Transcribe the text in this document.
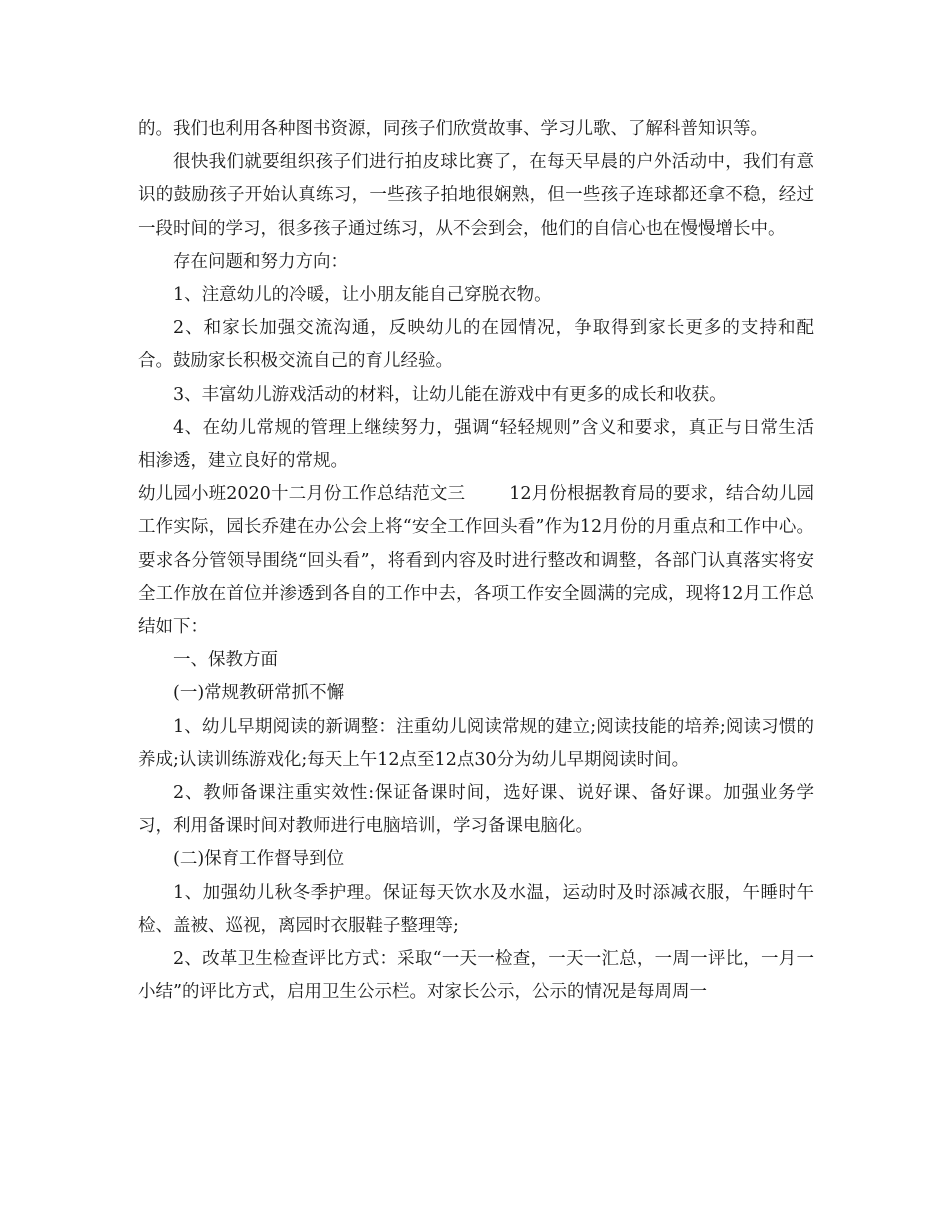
的。我们也利用各种图书资源，同孩子们欣赏故事、学习儿歌、了解科普知识等。

很快我们就要组织孩子们进行拍皮球比赛了，在每天早晨的户外活动中，我们有意识的鼓励孩子开始认真练习，一些孩子拍地很娴熟，但一些孩子连球都还拿不稳，经过一段时间的学习，很多孩子通过练习，从不会到会，他们的自信心也在慢慢增长中。

存在问题和努力方向：

1、注意幼儿的冷暖，让小朋友能自己穿脱衣物。

2、和家长加强交流沟通，反映幼儿的在园情况，争取得到家长更多的支持和配合。鼓励家长积极交流自己的育儿经验。

3、丰富幼儿游戏活动的材料，让幼儿能在游戏中有更多的成长和收获。

4、在幼儿常规的管理上继续努力，强调“轻轻规则”含义和要求，真正与日常生活相渗透，建立良好的常规。

幼儿园小班2020十二月份工作总结范文三	12月份根据教育局的要求，结合幼儿园工作实际，园长乔建在办公会上将“安全工作回头看”作为12月份的月重点和工作中心。要求各分管领导围绕“回头看”，将看到内容及时进行整改和调整，各部门认真落实将安全工作放在首位并渗透到各自的工作中去，各项工作安全圆满的完成，现将12月工作总结如下：

一、保教方面

(一)常规教研常抓不懈

1、幼儿早期阅读的新调整：注重幼儿阅读常规的建立;阅读技能的培养;阅读习惯的养成;认读训练游戏化;每天上午12点至12点30分为幼儿早期阅读时间。

2、教师备课注重实效性:保证备课时间，选好课、说好课、备好课。加强业务学习，利用备课时间对教师进行电脑培训，学习备课电脑化。

(二)保育工作督导到位

1、加强幼儿秋冬季护理。保证每天饮水及水温，运动时及时添减衣服，午睡时午检、盖被、巡视，离园时衣服鞋子整理等;

2、改革卫生检查评比方式：采取“一天一检查，一天一汇总，一周一评比，一月一小结”的评比方式，启用卫生公示栏。对家长公示，公示的情况是每周周一
